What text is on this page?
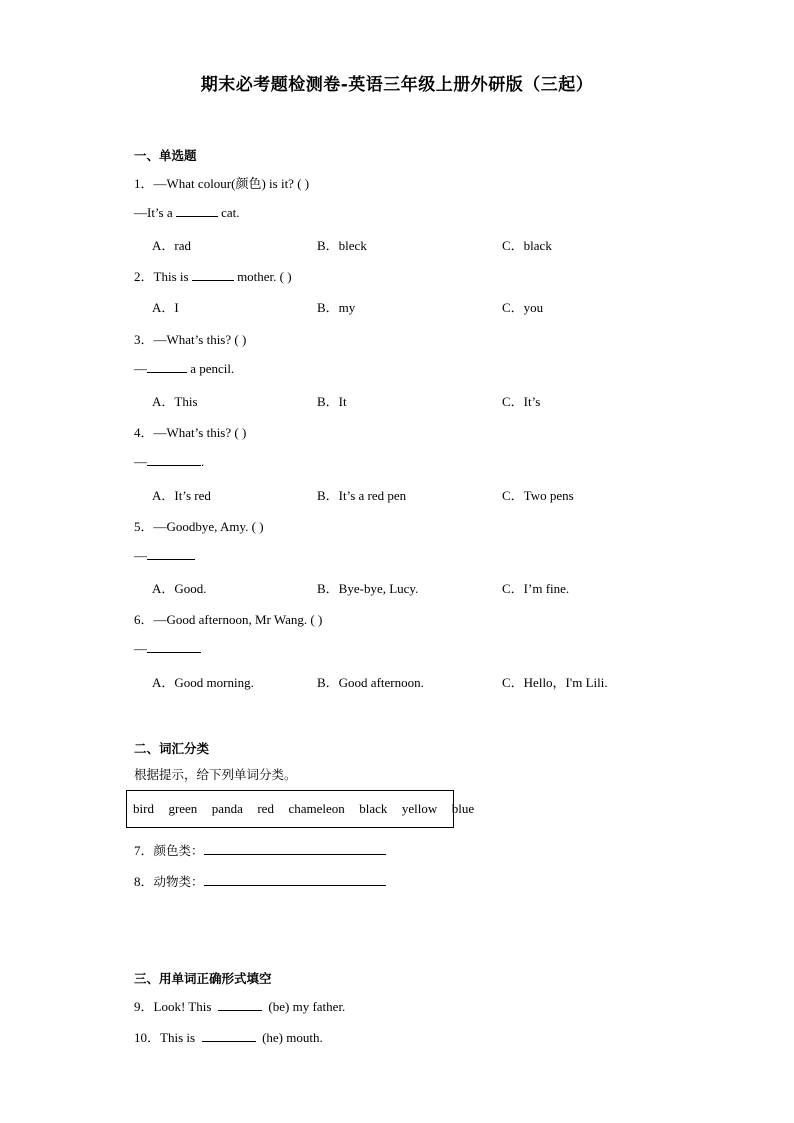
期末必考题检测卷-英语三年级上册外研版（三起）
一、单选题
1．—What colour(颜色) is it? ( )
—It’s a	cat.
A．rad	B．bleck	C．black
2．This is	mother. ( )
A．I	B．my	C．you
3．—What’s this? ( )
—	a pencil.
A．This	B．It	C．It’s
4．—What’s this? ( )
—	.
A．It’s red	B．It’s a red pen	C．Two pens
5．—Goodbye, Amy. ( )
—
A．Good.	B．Bye-bye, Lucy.	C．I’m fine.
6．—Good afternoon, Mr Wang. ( )
—
A．Good morning.	B．Good afternoon.	C．Hello，I'm Lili.
二、词汇分类
根据提示，给下列单词分类。
bird  green  panda  red  chameleon  black  yellow  blue
7．颜色类：
8．动物类：
三、用单词正确形式填空
9．Look! This	(be) my father.
10．This is	(he) mouth.
